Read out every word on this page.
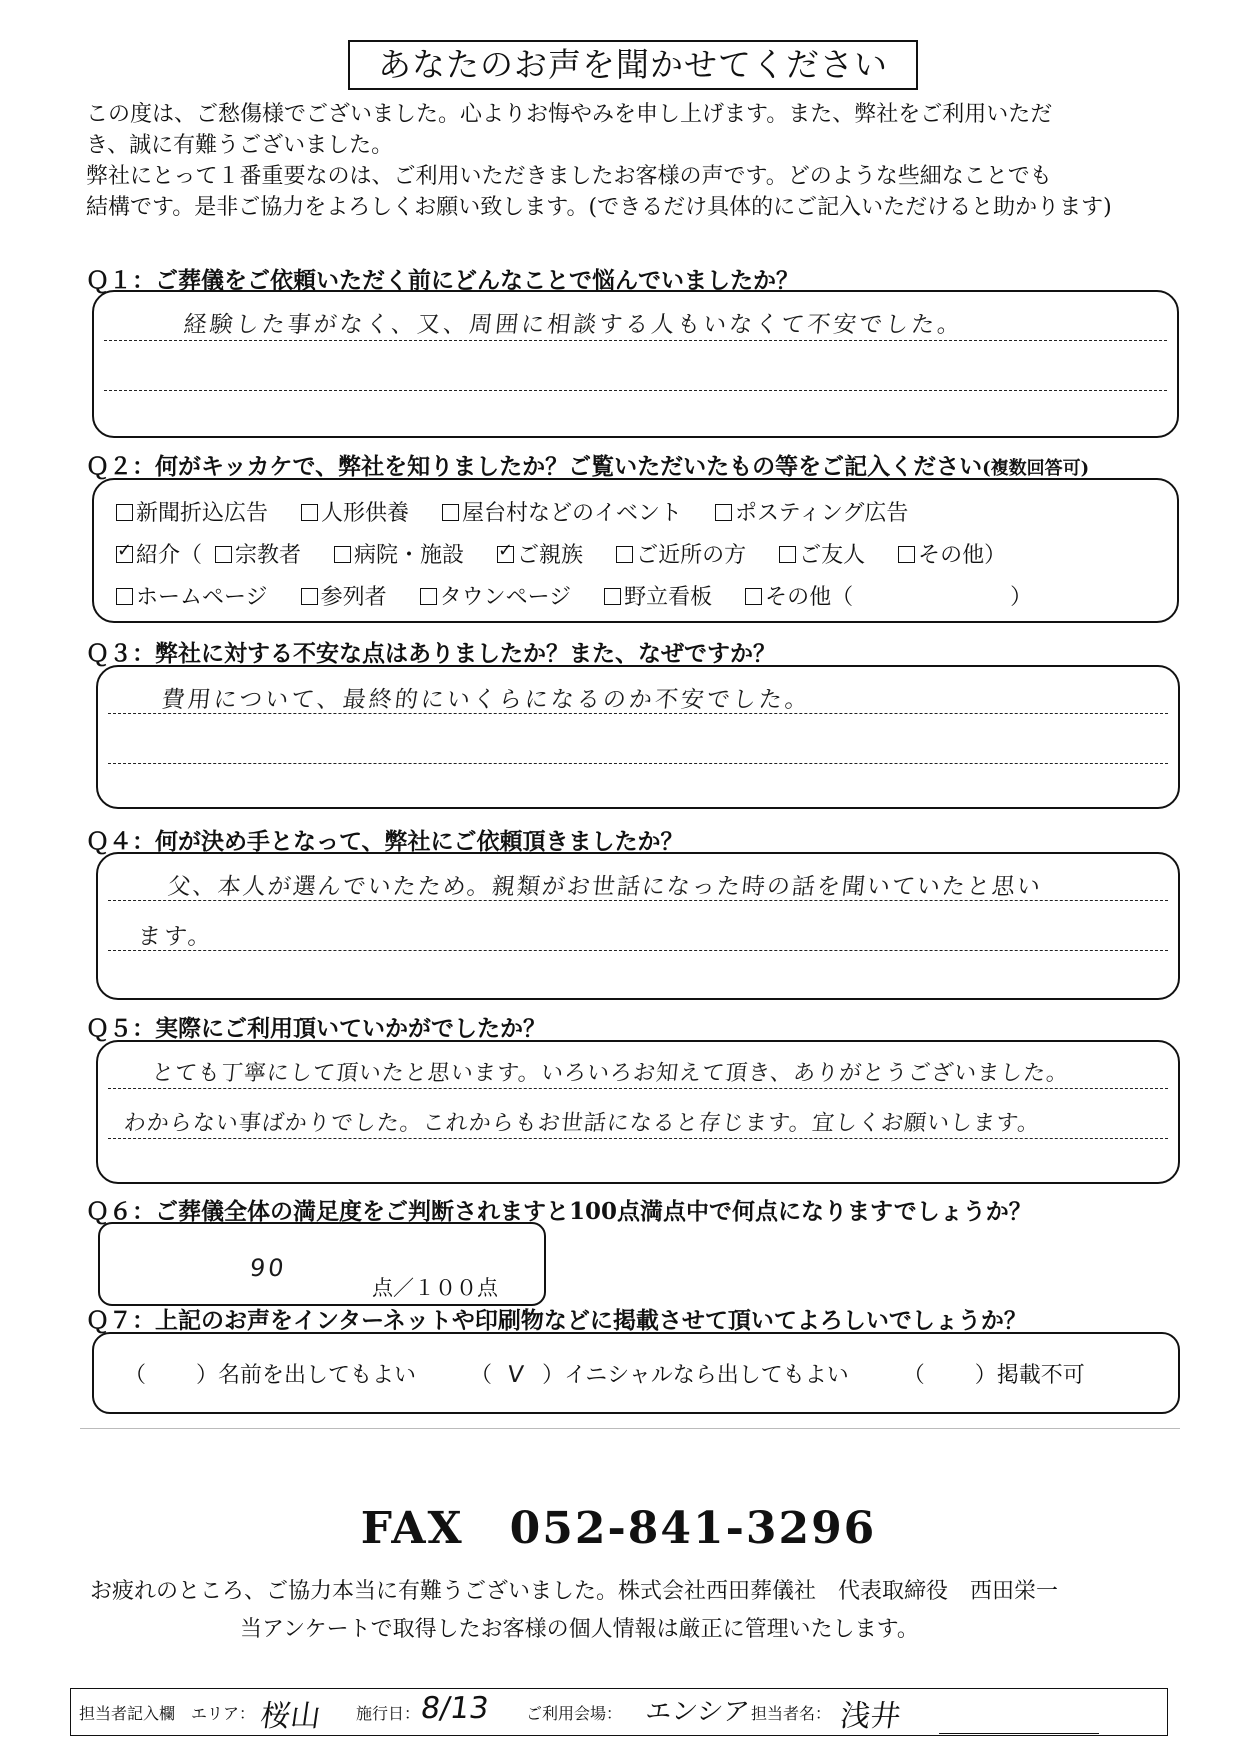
あなたのお声を聞かせてください
この度は、ご愁傷様でございました。心よりお悔やみを申し上げます。また、弊社をご利用いただ
き、誠に有難うございました。
弊社にとって１番重要なのは、ご利用いただきましたお客様の声です。どのような些細なことでも
結構です。是非ご協力をよろしくお願い致します。(できるだけ具体的にご記入いただけると助かります)
Ｑ１：ご葬儀をご依頼いただく前にどんなことで悩んでいましたか？
経験した事がなく、又、周囲に相談する人もいなくて不安でした。
Ｑ２：何がキッカケで、弊社を知りましたか？ご覧いただいたもの等をご記入ください(複数回答可)
新聞折込広告 人形供養 屋台村などのイベント ポスティング広告
✓紹介（ 宗教者 病院・施設 ✓ ご親族 ご近所の方 ご友人 その他）
ホームページ 参列者 タウンページ 野立看板 その他（	）
Ｑ３：弊社に対する不安な点はありましたか？また、なぜですか？
費用について、最終的にいくらになるのか不安でした。
Ｑ４：何が決め手となって、弊社にご依頼頂きましたか？
父、本人が選んでいたため。親類がお世話になった時の話を聞いていたと思い
ます。
Ｑ５：実際にご利用頂いていかがでしたか？
とても丁寧にして頂いたと思います。いろいろお知えて頂き、ありがとうございました。
わからない事ばかりでした。これからもお世話になると存じます。宜しくお願いします。
Ｑ６：ご葬儀全体の満足度をご判断されますと100点満点中で何点になりますでしょうか？
90
点／１００点
Ｑ７：上記のお声をインターネットや印刷物などに掲載させて頂いてよろしいでしょうか？
（ ）名前を出してもよい （ V ）イニシャルなら出してもよい （ ）掲載不可
FAX　052-841-3296
お疲れのところ、ご協力本当に有難うございました。株式会社西田葬儀社　代表取締役　西田栄一
当アンケートで取得したお客様の個人情報は厳正に管理いたします。
担当者記入欄 エリア： 桜山 施行日：
8/13 ご利用会場： エンシア 担当者名： 浅井
